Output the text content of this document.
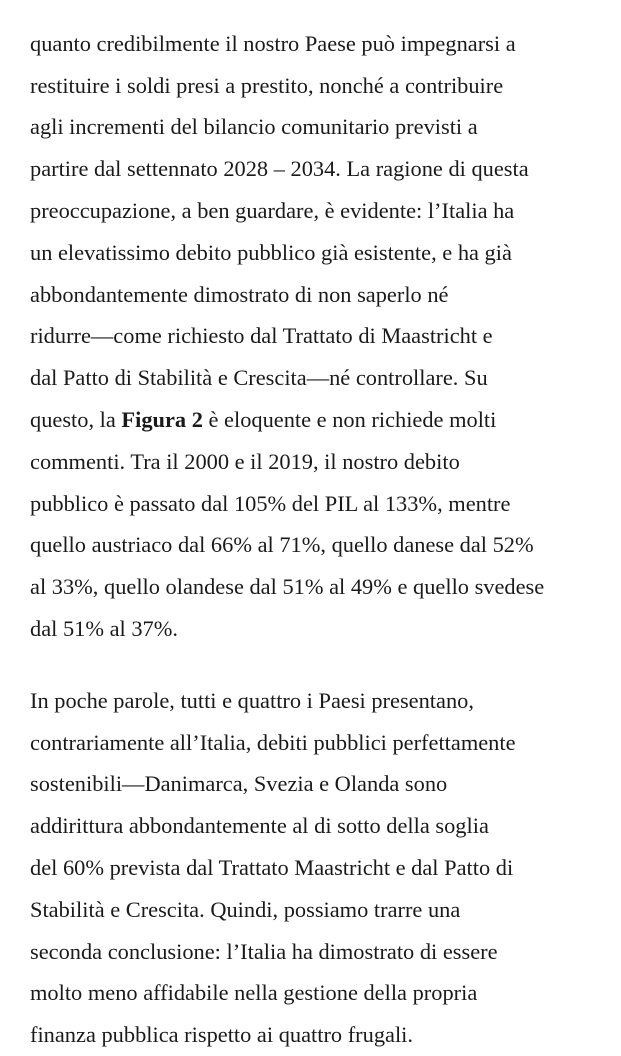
quanto credibilmente il nostro Paese può impegnarsi a
restituire i soldi presi a prestito, nonché a contribuire
agli incrementi del bilancio comunitario previsti a
partire dal settennato 2028 – 2034. La ragione di questa
preoccupazione, a ben guardare, è evidente: l’Italia ha
un elevatissimo debito pubblico già esistente, e ha già
abbondantemente dimostrato di non saperlo né
ridurre—come richiesto dal Trattato di Maastricht e
dal Patto di Stabilità e Crescita—né controllare. Su
questo, la Figura 2 è eloquente e non richiede molti
commenti. Tra il 2000 e il 2019, il nostro debito
pubblico è passato dal 105% del PIL al 133%, mentre
quello austriaco dal 66% al 71%, quello danese dal 52%
al 33%, quello olandese dal 51% al 49% e quello svedese
dal 51% al 37%.

In poche parole, tutti e quattro i Paesi presentano,
contrariamente all’Italia, debiti pubblici perfettamente
sostenibili—Danimarca, Svezia e Olanda sono
addirittura abbondantemente al di sotto della soglia
del 60% prevista dal Trattato Maastricht e dal Patto di
Stabilità e Crescita. Quindi, possiamo trarre una
seconda conclusione: l’Italia ha dimostrato di essere
molto meno affidabile nella gestione della propria
finanza pubblica rispetto ai quattro frugali.
